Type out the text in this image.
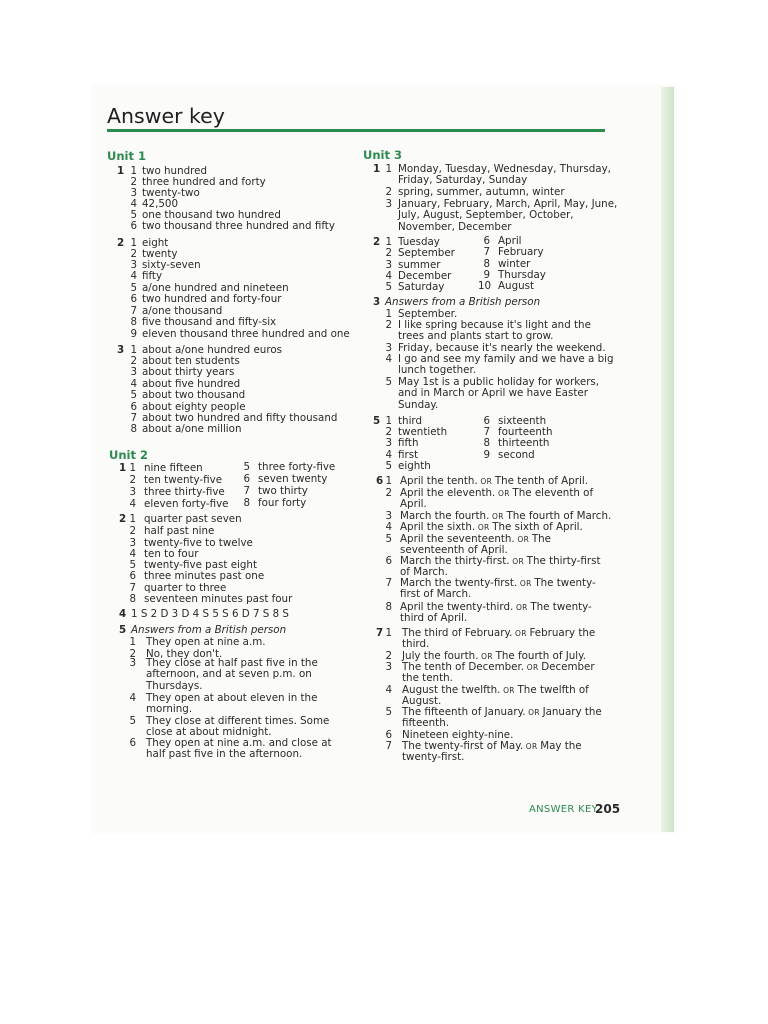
Answer key
Unit 1
1 1 two hundred
2 three hundred and forty
3 twenty-two
4 42,500
5 one thousand two hundred
6 two thousand three hundred and fifty
2 1 eight
2 twenty
3 sixty-seven
4 fifty
5 a/one hundred and nineteen
6 two hundred and forty-four
7 a/one thousand
8 five thousand and fifty-six
9 eleven thousand three hundred and one
3 1 about a/one hundred euros
2 about ten students
3 about thirty years
4 about five hundred
5 about two thousand
6 about eighty people
7 about two hundred and fifty thousand
8 about a/one million
Unit 2
1 1 nine fifteen
2 ten twenty-five
3 three thirty-five
4 eleven forty-five
5 three forty-five
6 seven twenty
7 two thirty
8 four forty
2 1 quarter past seven
2 half past nine
3 twenty-five to twelve
4 ten to four
5 twenty-five past eight
6 three minutes past one
7 quarter to three
8 seventeen minutes past four
4 1 S 2 D 3 D 4 S 5 S 6 D 7 S 8 S
5 Answers from a British person
1 They open at nine a.m.
2 No, they don't.
3 They close at half past five in the afternoon, and at seven p.m. on Thursdays.
4 They open at about eleven in the morning.
5 They close at different times. Some close at about midnight.
6 They open at nine a.m. and close at half past five in the afternoon.
Unit 3
1 1 Monday, Tuesday, Wednesday, Thursday, Friday, Saturday, Sunday
2 spring, summer, autumn, winter
3 January, February, March, April, May, June, July, August, September, October, November, December
2 1 Tuesday
2 September
3 summer
4 December
5 Saturday
6 April
7 February
8 winter
9 Thursday
10 August
3 Answers from a British person
1 September.
2 I like spring because it's light and the trees and plants start to grow.
3 Friday, because it's nearly the weekend.
4 I go and see my family and we have a big lunch together.
5 May 1st is a public holiday for workers, and in March or April we have Easter Sunday.
5 1 third
2 twentieth
3 fifth
4 first
5 eighth
6 sixteenth
7 fourteenth
8 thirteenth
9 second
6 1 April the tenth. OR The tenth of April.
2 April the eleventh. OR The eleventh of April.
3 March the fourth. OR The fourth of March.
4 April the sixth. OR The sixth of April.
5 April the seventeenth. OR The seventeenth of April.
6 March the thirty-first. OR The thirty-first of March.
7 March the twenty-first. OR The twenty-first of March.
8 April the twenty-third. OR The twenty-third of April.
7 1 The third of February. OR February the third.
2 July the fourth. OR The fourth of July.
3 The tenth of December. OR December the tenth.
4 August the twelfth. OR The twelfth of August.
5 The fifteenth of January. OR January the fifteenth.
6 Nineteen eighty-nine.
7 The twenty-first of May. OR May the twenty-first.
ANSWER KEY
205
